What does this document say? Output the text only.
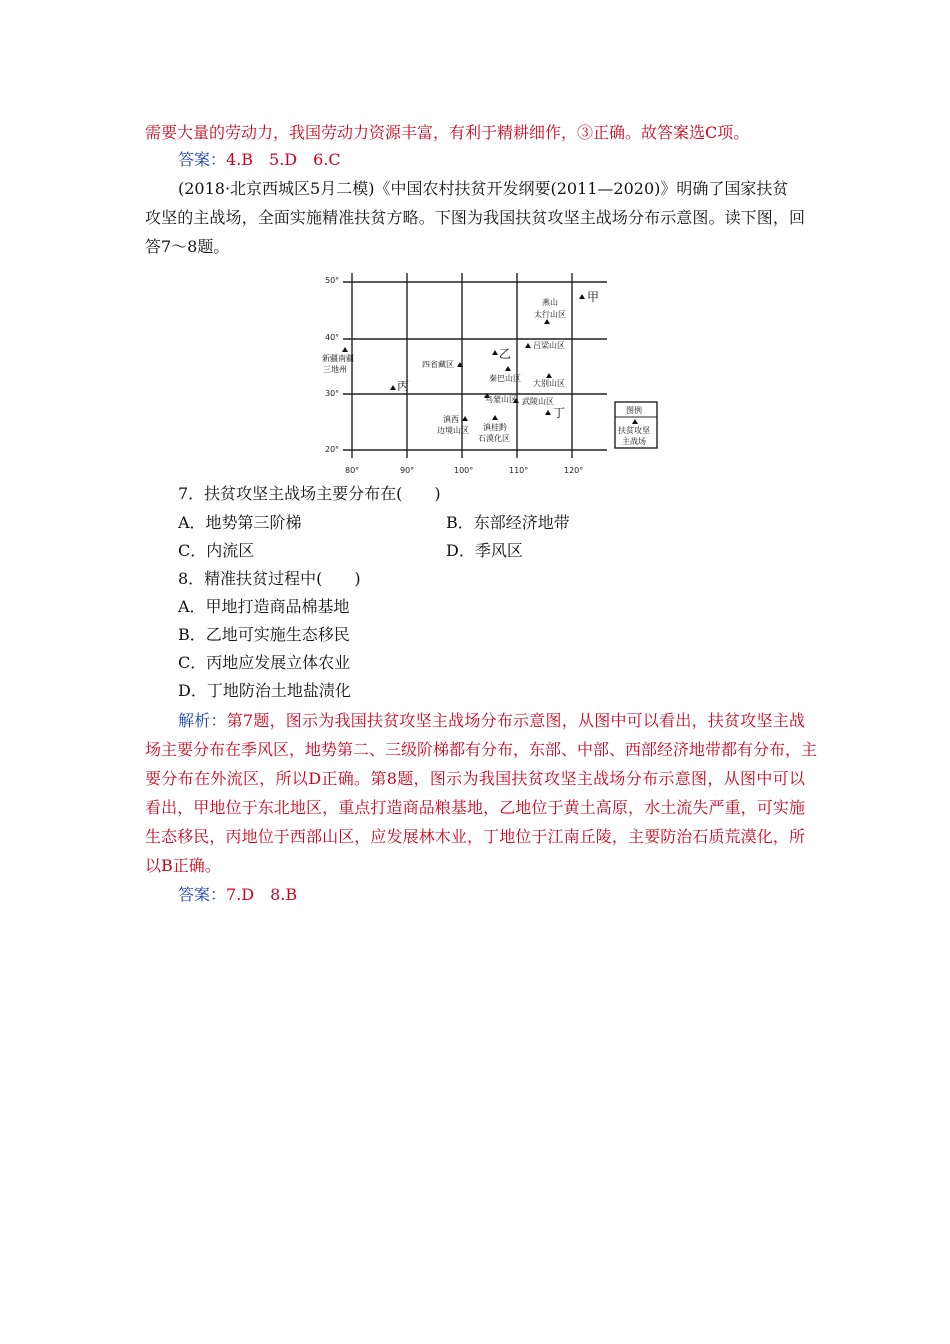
需要大量的劳动力，我国劳动力资源丰富，有利于精耕细作，③正确。故答案选C项。
答案：4.B　5.D　6.C
(2018·北京西城区5月二模)《中国农村扶贫开发纲要(2011—2020)》明确了国家扶贫
攻坚的主战场，全面实施精准扶贫方略。下图为我国扶贫攻坚主战场分布示意图。读下图，回
答7～8题。
50°
40°
30°
20°
80°	90°	100°	110°	120°
燕山
太行山区
吕梁山区
四省藏区
秦巴山区
大别山区
新疆南疆
三地州
乌蒙山区 武陵山区
滇西
边境山区 滇桂黔
石漠化区
甲
乙
丙
丁	图例
扶贫攻坚
主战场
7．扶贫攻坚主战场主要分布在(　　)
A．地势第三阶梯	B．东部经济地带
C．内流区	D．季风区
8．精准扶贫过程中(　　)
A．甲地打造商品棉基地
B．乙地可实施生态移民
C．丙地应发展立体农业
D．丁地防治土地盐渍化
解析：第7题，图示为我国扶贫攻坚主战场分布示意图，从图中可以看出，扶贫攻坚主战
场主要分布在季风区，地势第二、三级阶梯都有分布，东部、中部、西部经济地带都有分布，主
要分布在外流区，所以D正确。第8题，图示为我国扶贫攻坚主战场分布示意图，从图中可以
看出，甲地位于东北地区，重点打造商品粮基地，乙地位于黄土高原，水土流失严重，可实施
生态移民，丙地位于西部山区，应发展林木业，丁地位于江南丘陵，主要防治石质荒漠化，所
以B正确。
答案：7.D　8.B
